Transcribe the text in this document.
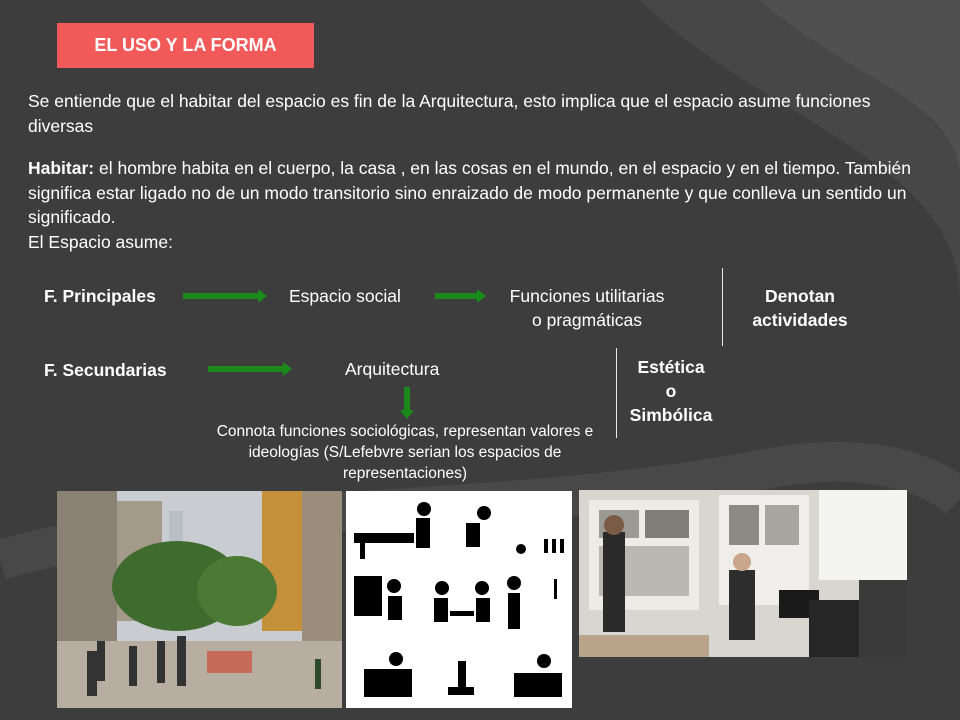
EL USO Y LA FORMA
Se entiende que el habitar del espacio es fin de la Arquitectura, esto implica que el espacio asume funciones diversas
Habitar: el hombre habita en el cuerpo, la casa , en las cosas en el mundo, en el espacio y en el tiempo. También significa estar ligado no de un modo transitorio sino enraizado de modo permanente y que conlleva un sentido un significado.
El Espacio asume:
F. Principales	Espacio social	Funciones utilitarias
o pragmáticas
Denotan
actividades
F. Secundarias	Arquitectura	Estética
o
Simbólica
Connota funciones sociológicas, representan valores e ideologías (S/Lefebvre serian los espacios de representaciones)
